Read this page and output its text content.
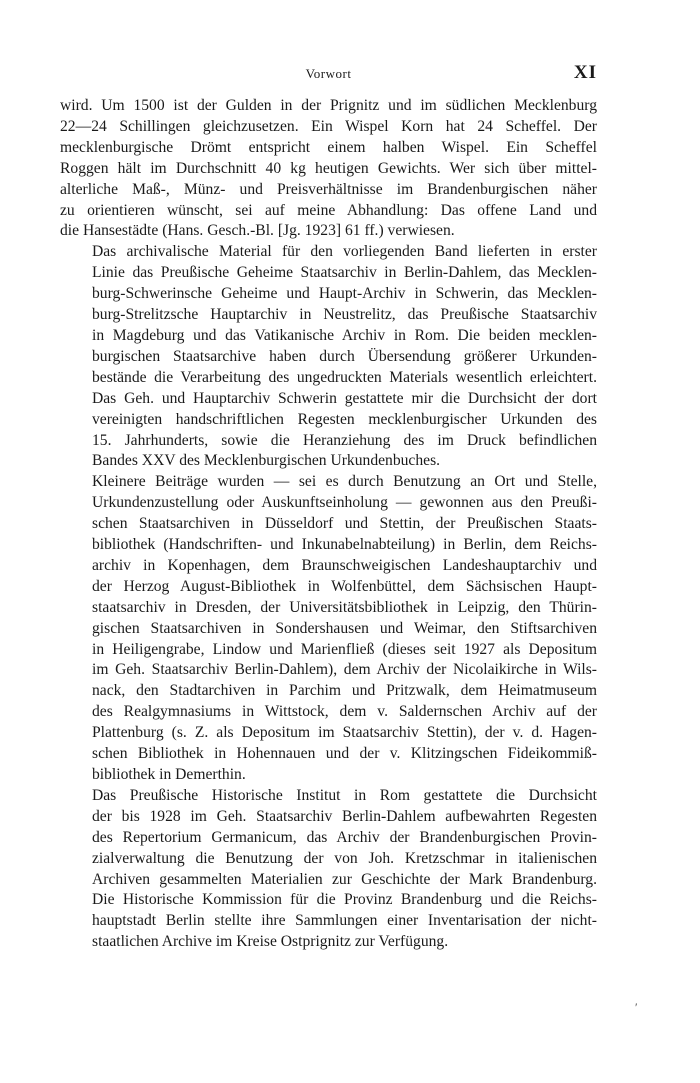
Vorwort	XI

wird. Um 1500 ist der Gulden in der Prignitz und im südlichen Mecklenburg
22—24 Schillingen gleichzusetzen. Ein Wispel Korn hat 24 Scheffel. Der
mecklenburgische Drömt entspricht einem halben Wispel. Ein Scheffel
Roggen hält im Durchschnitt 40 kg heutigen Gewichts. Wer sich über mittel-
alterliche Maß-, Münz- und Preisverhältnisse im Brandenburgischen näher
zu orientieren wünscht, sei auf meine Abhandlung: Das offene Land und
die Hansestädte (Hans. Gesch.-Bl. [Jg. 1923] 61 ff.) verwiesen.

Das archivalische Material für den vorliegenden Band lieferten in erster
Linie das Preußische Geheime Staatsarchiv in Berlin-Dahlem, das Mecklen-
burg-Schwerinsche Geheime und Haupt-Archiv in Schwerin, das Mecklen-
burg-Strelitzsche Hauptarchiv in Neustrelitz, das Preußische Staatsarchiv
in Magdeburg und das Vatikanische Archiv in Rom. Die beiden mecklen-
burgischen Staatsarchive haben durch Übersendung größerer Urkunden-
bestände die Verarbeitung des ungedruckten Materials wesentlich erleichtert.
Das Geh. und Hauptarchiv Schwerin gestattete mir die Durchsicht der dort
vereinigten handschriftlichen Regesten mecklenburgischer Urkunden des
15. Jahrhunderts, sowie die Heranziehung des im Druck befindlichen
Bandes XXV des Mecklenburgischen Urkundenbuches.

Kleinere Beiträge wurden — sei es durch Benutzung an Ort und Stelle,
Urkundenzustellung oder Auskunftseinholung — gewonnen aus den Preußi-
schen Staatsarchiven in Düsseldorf und Stettin, der Preußischen Staats-
bibliothek (Handschriften- und Inkunabelnabteilung) in Berlin, dem Reichs-
archiv in Kopenhagen, dem Braunschweigischen Landeshauptarchiv und
der Herzog August-Bibliothek in Wolfenbüttel, dem Sächsischen Haupt-
staatsarchiv in Dresden, der Universitätsbibliothek in Leipzig, den Thürin-
gischen Staatsarchiven in Sondershausen und Weimar, den Stiftsarchiven
in Heiligengrabe, Lindow und Marienfließ (dieses seit 1927 als Depositum
im Geh. Staatsarchiv Berlin-Dahlem), dem Archiv der Nicolaikirche in Wils-
nack, den Stadtarchiven in Parchim und Pritzwalk, dem Heimatmuseum
des Realgymnasiums in Wittstock, dem v. Saldernschen Archiv auf der
Plattenburg (s. Z. als Depositum im Staatsarchiv Stettin), der v. d. Hagen-
schen Bibliothek in Hohennauen und der v. Klitzingschen Fideikommiß-
bibliothek in Demerthin.

Das Preußische Historische Institut in Rom gestattete die Durchsicht
der bis 1928 im Geh. Staatsarchiv Berlin-Dahlem aufbewahrten Regesten
des Repertorium Germanicum, das Archiv der Brandenburgischen Provin-
zialverwaltung die Benutzung der von Joh. Kretzschmar in italienischen
Archiven gesammelten Materialien zur Geschichte der Mark Brandenburg.
Die Historische Kommission für die Provinz Brandenburg und die Reichs-
hauptstadt Berlin stellte ihre Sammlungen einer Inventarisation der nicht-
staatlichen Archive im Kreise Ostprignitz zur Verfügung.

′
